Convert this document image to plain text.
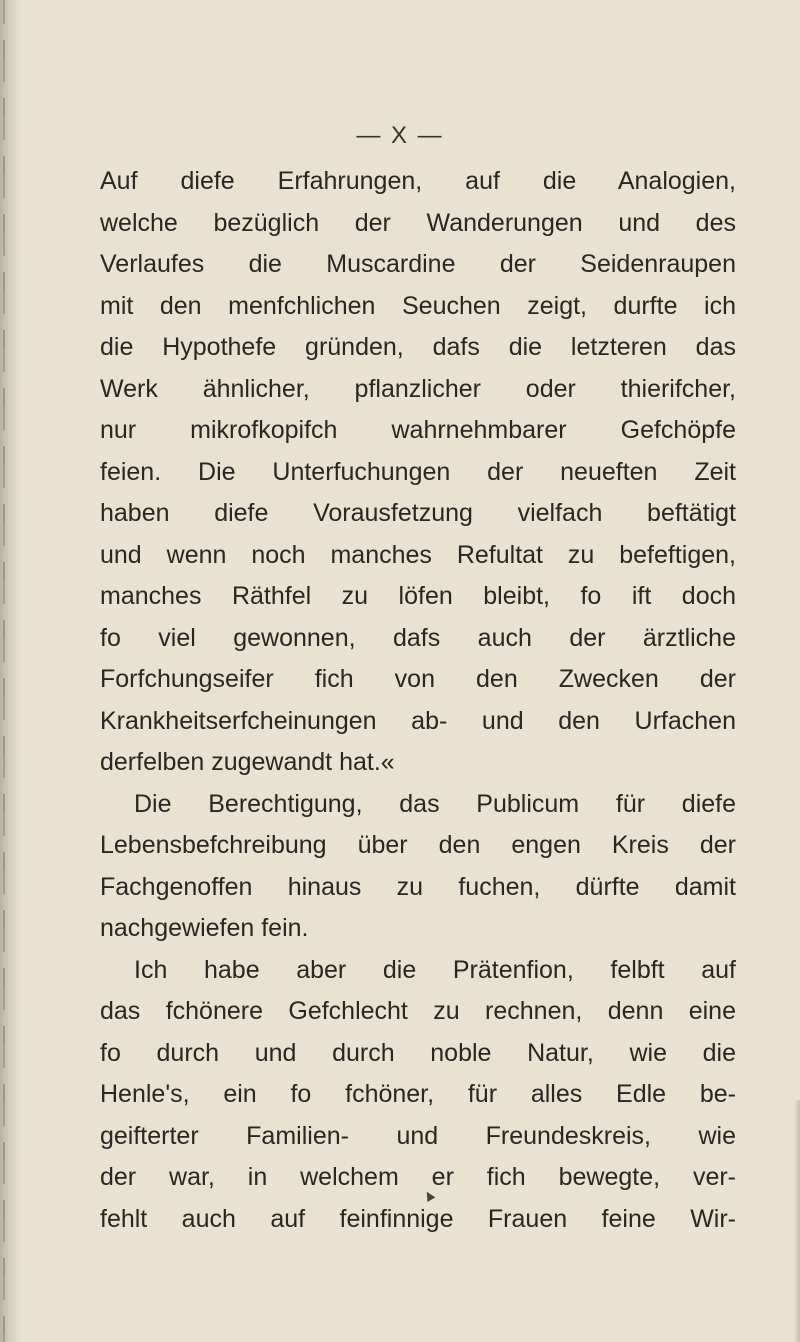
— X —
Auf diefe Erfahrungen, auf die Analogien,
welche bezüglich der Wanderungen und des
Verlaufes die Muscardine der Seidenraupen
mit den menfchlichen Seuchen zeigt, durfte ich
die Hypothefe gründen, dafs die letzteren das
Werk ähnlicher, pflanzlicher oder thierifcher,
nur mikrofkopifch wahrnehmbarer Gefchöpfe
feien. Die Unterfuchungen der neueften Zeit
haben diefe Vorausfetzung vielfach beftätigt
und wenn noch manches Refultat zu befeftigen,
manches Räthfel zu löfen bleibt, fo ift doch
fo viel gewonnen, dafs auch der ärztliche
Forfchungseifer fich von den Zwecken der
Krankheitserfcheinungen ab- und den Urfachen
derfelben zugewandt hat.«
Die Berechtigung, das Publicum für diefe
Lebensbefchreibung über den engen Kreis der
Fachgenoffen hinaus zu fuchen, dürfte damit
nachgewiefen fein.
Ich habe aber die Prätenfion, felbft auf
das fchönere Gefchlecht zu rechnen, denn eine
fo durch und durch noble Natur, wie die
Henle's, ein fo fchöner, für alles Edle be-
geifterter Familien- und Freundeskreis, wie
der war, in welchem er fich bewegte, ver-
fehlt auch auf feinfinnige Frauen feine Wir-
▲
